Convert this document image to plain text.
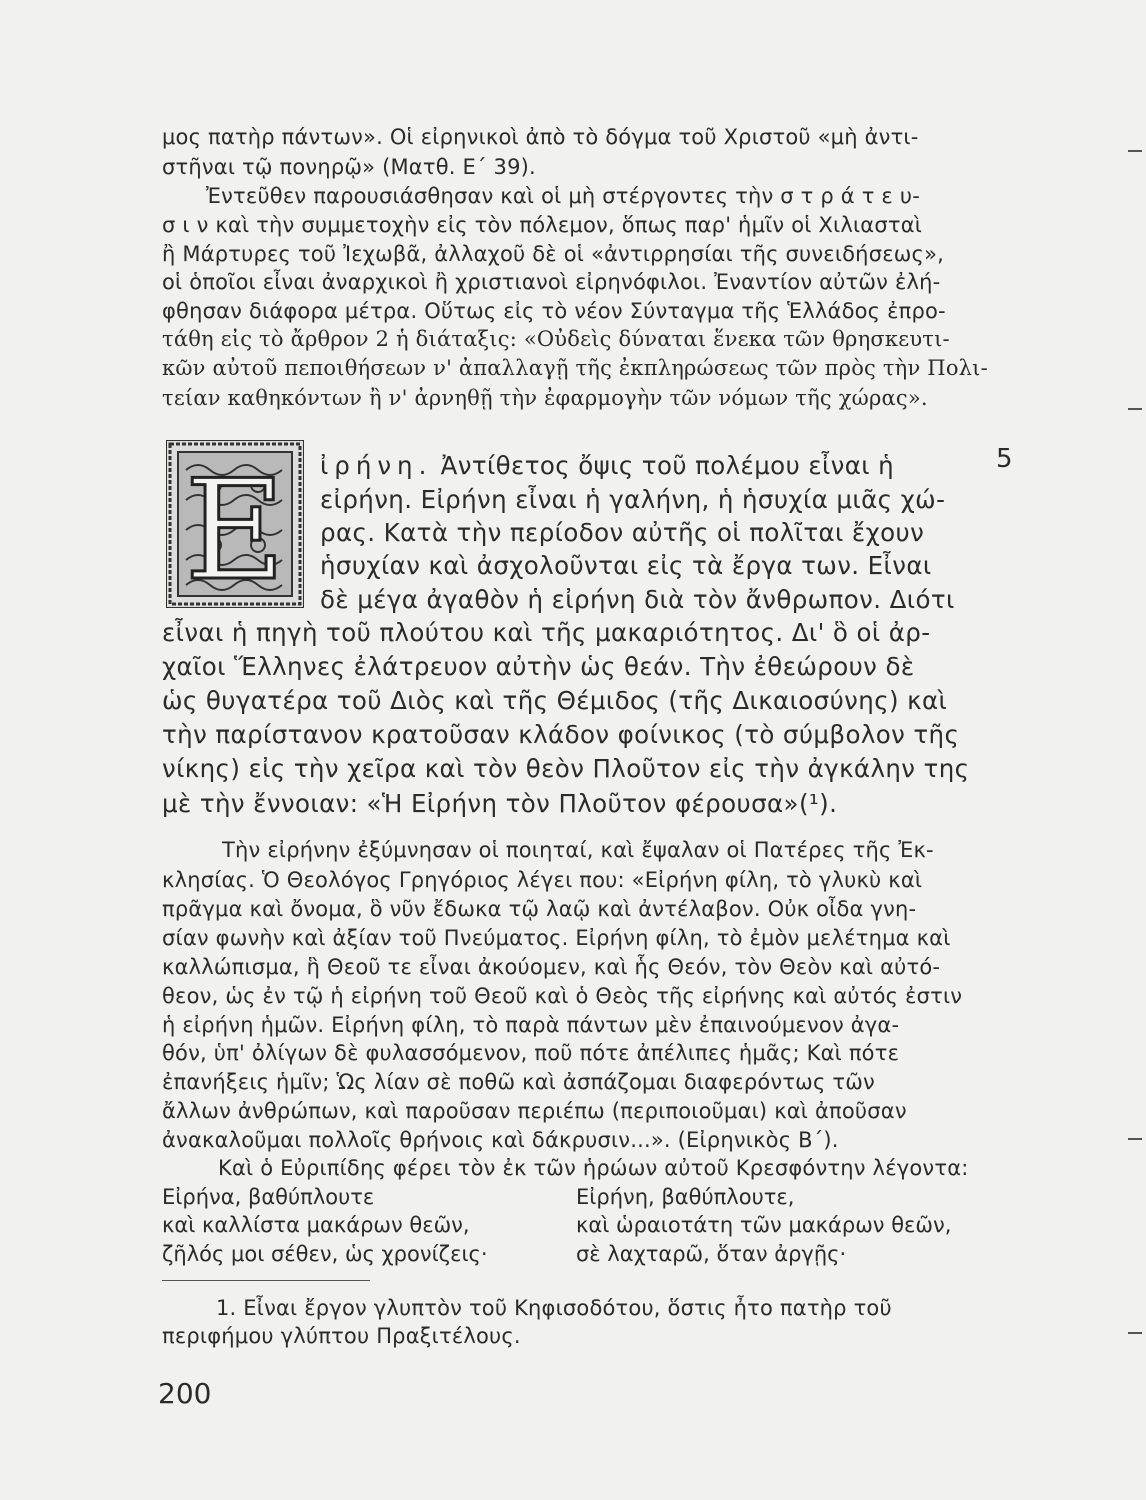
μος πατὴρ πάντων». Οἱ εἰρηνικοὶ ἀπὸ τὸ δόγμα τοῦ Χριστοῦ «μὴ ἀντι-
στῆναι τῷ πονηρῷ» (Ματθ. Ε΄ 39).
Ἐντεῦθεν παρουσιάσθησαν καὶ οἱ μὴ στέργοντες τὴν σ τ ρ ά τ ε υ-
σ ι ν καὶ τὴν συμμετοχὴν εἰς τὸν πόλεμον, ὅπως παρ' ἡμῖν οἱ Χιλιασταὶ
ἢ Μάρτυρες τοῦ Ἰεχωβᾶ, ἀλλαχοῦ δὲ οἱ «ἀντιρρησίαι τῆς συνειδήσεως»,
οἱ ὁποῖοι εἶναι ἀναρχικοὶ ἢ χριστιανοὶ εἰρηνόφιλοι. Ἐναντίον αὐτῶν ἐλή-
φθησαν διάφορα μέτρα. Οὕτως εἰς τὸ νέον Σύνταγμα τῆς Ἑλλάδος ἐπρο-
τάθη εἰς τὸ ἄρθρον 2 ἡ διάταξις: «Οὐδεὶς δύναται ἕνεκα τῶν θρησκευτι-
κῶν αὐτοῦ πεποιθήσεων ν' ἀπαλλαγῇ τῆς ἐκπληρώσεως τῶν πρὸς τὴν Πολι-
τείαν καθηκόντων ἢ ν' ἀρνηθῇ τὴν ἐφαρμογὴν τῶν νόμων τῆς χώρας».
Ε ἰρήνη. Ἀντίθετος ὄψις τοῦ πολέμου εἶναι ἡ	5
εἰρήνη. Εἰρήνη εἶναι ἡ γαλήνη, ἡ ἡσυχία μιᾶς χώ-
ρας. Κατὰ τὴν περίοδον αὐτῆς οἱ πολῖται ἔχουν
ἡσυχίαν καὶ ἀσχολοῦνται εἰς τὰ ἔργα των. Εἶναι
δὲ μέγα ἀγαθὸν ἡ εἰρήνη διὰ τὸν ἄνθρωπον. Διότι
εἶναι ἡ πηγὴ τοῦ πλούτου καὶ τῆς μακαριότητος. Δι' ὃ οἱ ἀρ-
χαῖοι Ἕλληνες ἐλάτρευον αὐτὴν ὡς θεάν. Τὴν ἐθεώρουν δὲ
ὡς θυγατέρα τοῦ Διὸς καὶ τῆς Θέμιδος (τῆς Δικαιοσύνης) καὶ
τὴν παρίστανον κρατοῦσαν κλάδον φοίνικος (τὸ σύμβολον τῆς
νίκης) εἰς τὴν χεῖρα καὶ τὸν θεὸν Πλοῦτον εἰς τὴν ἀγκάλην της
μὲ τὴν ἔννοιαν: «Ἡ Εἰρήνη τὸν Πλοῦτον φέρουσα»(¹).
Τὴν εἰρήνην ἐξύμνησαν οἱ ποιηταί, καὶ ἔψαλαν οἱ Πατέρες τῆς Ἐκ-
κλησίας. Ὁ Θεολόγος Γρηγόριος λέγει που: «Εἰρήνη φίλη, τὸ γλυκὺ καὶ
πρᾶγμα καὶ ὄνομα, ὃ νῦν ἔδωκα τῷ λαῷ καὶ ἀντέλαβον. Οὐκ οἶδα γνη-
σίαν φωνὴν καὶ ἀξίαν τοῦ Πνεύματος. Εἰρήνη φίλη, τὸ ἐμὸν μελέτημα καὶ
καλλώπισμα, ἣ Θεοῦ τε εἶναι ἀκούομεν, καὶ ἧς Θεόν, τὸν Θεὸν καὶ αὐτό-
θεον, ὡς ἐν τῷ ἡ εἰρήνη τοῦ Θεοῦ καὶ ὁ Θεὸς τῆς εἰρήνης καὶ αὐτός ἐστιν
ἡ εἰρήνη ἡμῶν. Εἰρήνη φίλη, τὸ παρὰ πάντων μὲν ἐπαινούμενον ἀγα-
θόν, ὑπ' ὀλίγων δὲ φυλασσόμενον, ποῦ πότε ἀπέλιπες ἡμᾶς; Καὶ πότε
ἐπανήξεις ἡμῖν; Ὡς λίαν σὲ ποθῶ καὶ ἀσπάζομαι διαφερόντως τῶν
ἄλλων ἀνθρώπων, καὶ παροῦσαν περιέπω (περιποιοῦμαι) καὶ ἀποῦσαν
ἀνακαλοῦμαι πολλοῖς θρήνοις καὶ δάκρυσιν...». (Εἰρηνικὸς Β΄).
Καὶ ὁ Εὐριπίδης φέρει τὸν ἐκ τῶν ἡρώων αὐτοῦ Κρεσφόντην λέγοντα:
Εἰρήνα, βαθύπλουτε
καὶ καλλίστα μακάρων θεῶν,
ζῆλός μοι σέθεν, ὡς χρονίζεις·
Εἰρήνη, βαθύπλουτε,
καὶ ὡραιοτάτη τῶν μακάρων θεῶν,
σὲ λαχταρῶ, ὅταν ἀργῇς·
1. Εἶναι ἔργον γλυπτὸν τοῦ Κηφισοδότου, ὅστις ἦτο πατὴρ τοῦ
περιφήμου γλύπτου Πραξιτέλους.
200
